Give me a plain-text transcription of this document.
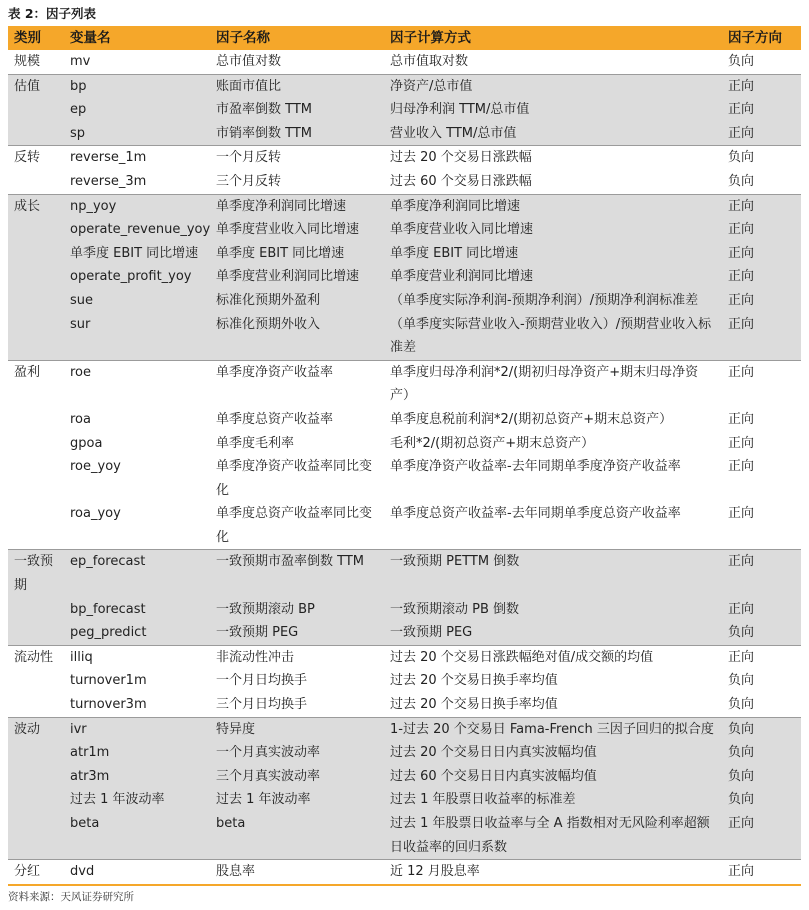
表 2：因子列表
类别	变量名	因子名称	因子计算方式	因子方向
规模	mv	总市值对数	总市值取对数	负向
估值	bp	账面市值比	净资产/总市值	正向
	ep	市盈率倒数 TTM	归母净利润 TTM/总市值	正向
	sp	市销率倒数 TTM	营业收入 TTM/总市值	正向
反转	reverse_1m	一个月反转	过去 20 个交易日涨跌幅	负向
	reverse_3m	三个月反转	过去 60 个交易日涨跌幅	负向
成长	np_yoy	单季度净利润同比增速	单季度净利润同比增速	正向
	operate_revenue_yoy	单季度营业收入同比增速	单季度营业收入同比增速	正向
	单季度 EBIT 同比增速	单季度 EBIT 同比增速	单季度 EBIT 同比增速	正向
	operate_profit_yoy	单季度营业利润同比增速	单季度营业利润同比增速	正向
	sue	标准化预期外盈利	（单季度实际净利润-预期净利润）/预期净利润标准差	正向
	sur	标准化预期外收入	（单季度实际营业收入-预期营业收入）/预期营业收入标准差	正向
盈利	roe	单季度净资产收益率	单季度归母净利润*2/(期初归母净资产+期末归母净资产）	正向
	roa	单季度总资产收益率	单季度息税前利润*2/(期初总资产+期末总资产）	正向
	gpoa	单季度毛利率	毛利*2/(期初总资产+期末总资产）	正向
	roe_yoy	单季度净资产收益率同比变化	单季度净资产收益率-去年同期单季度净资产收益率	正向
	roa_yoy	单季度总资产收益率同比变化	单季度总资产收益率-去年同期单季度总资产收益率	正向
一致预期	ep_forecast	一致预期市盈率倒数 TTM	一致预期 PETTM 倒数	正向
	bp_forecast	一致预期滚动 BP	一致预期滚动 PB 倒数	正向
	peg_predict	一致预期 PEG	一致预期 PEG	负向
流动性	illiq	非流动性冲击	过去 20 个交易日涨跌幅绝对值/成交额的均值	正向
	turnover1m	一个月日均换手	过去 20 个交易日换手率均值	负向
	turnover3m	三个月日均换手	过去 20 个交易日换手率均值	负向
波动	ivr	特异度	1-过去 20 个交易日 Fama-French 三因子回归的拟合度	负向
	atr1m	一个月真实波动率	过去 20 个交易日日内真实波幅均值	负向
	atr3m	三个月真实波动率	过去 60 个交易日日内真实波幅均值	负向
	过去 1 年波动率	过去 1 年波动率	过去 1 年股票日收益率的标准差	负向
	beta	beta	过去 1 年股票日收益率与全 A 指数相对无风险利率超额日收益率的回归系数	正向
分红	dvd	股息率	近 12 月股息率	正向
资料来源：天风证券研究所
